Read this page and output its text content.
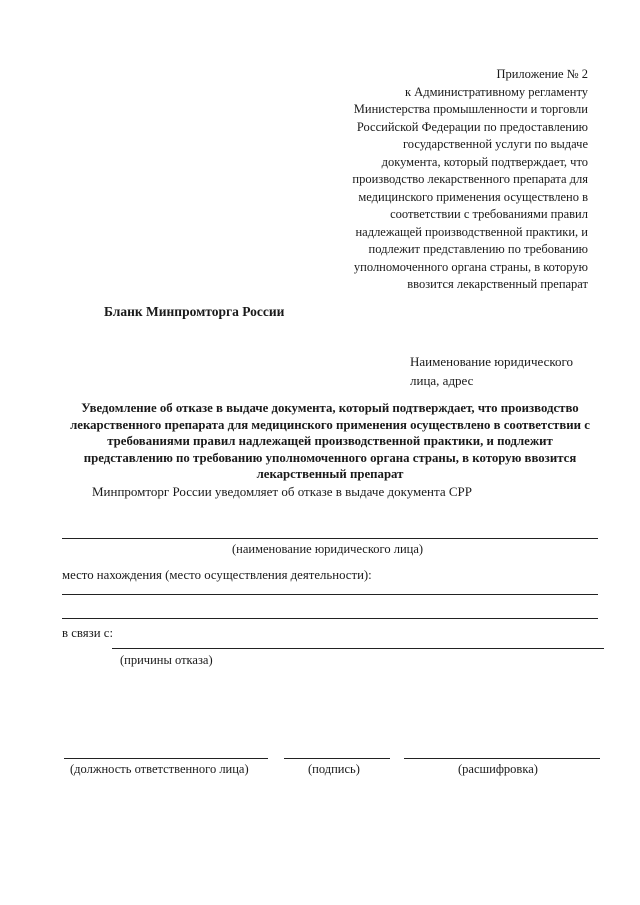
Приложение № 2
к Административному регламенту
Министерства промышленности и торговли
Российской Федерации по предоставлению
государственной услуги по выдаче
документа, который подтверждает, что
производство лекарственного препарата для
медицинского применения осуществлено в
соответствии с требованиями правил
надлежащей производственной практики, и
подлежит представлению по требованию
уполномоченного органа страны, в которую
ввозится лекарственный препарат
Бланк Минпромторга России
Наименование юридического
лица, адрес
Уведомление об отказе в выдаче документа, который подтверждает, что производство
лекарственного препарата для медицинского применения осуществлено в соответствии с
требованиями правил надлежащей производственной практики, и подлежит
представлению по требованию уполномоченного органа страны, в которую ввозится
лекарственный препарат
Минпромторг России уведомляет об отказе в выдаче документа СРР
(наименование юридического лица)
место нахождения (место осуществления деятельности):
в связи с:
(причины отказа)
(должность ответственного лица)	(подпись)	(расшифровка)
